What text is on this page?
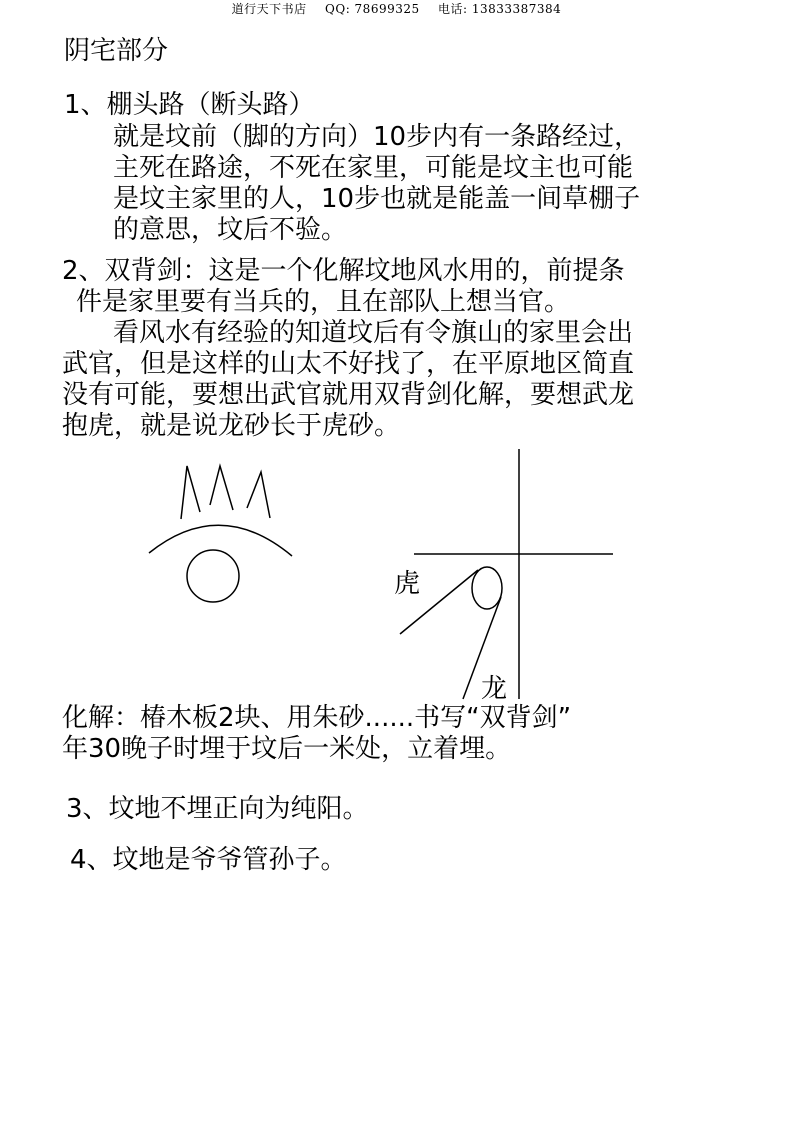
道行天下书店 QQ: 78699325 电话: 13833387384
阴宅部分
1、棚头路（断头路）
就是坟前（脚的方向）10步内有一条路经过，
主死在路途，不死在家里，可能是坟主也可能
是坟主家里的人，10步也就是能盖一间草棚子
的意思，坟后不验。
2、双背剑：这是一个化解坟地风水用的，前提条
件是家里要有当兵的，且在部队上想当官。
看风水有经验的知道坟后有令旗山的家里会出
武官，但是这样的山太不好找了，在平原地区简直
没有可能，要想出武官就用双背剑化解，要想武龙
抱虎，就是说龙砂长于虎砂。
虎
龙
化解：椿木板2块、用朱砂......书写“双背剑”
年30晚子时埋于坟后一米处，立着埋。
3、坟地不埋正向为纯阳。
4、坟地是爷爷管孙子。
